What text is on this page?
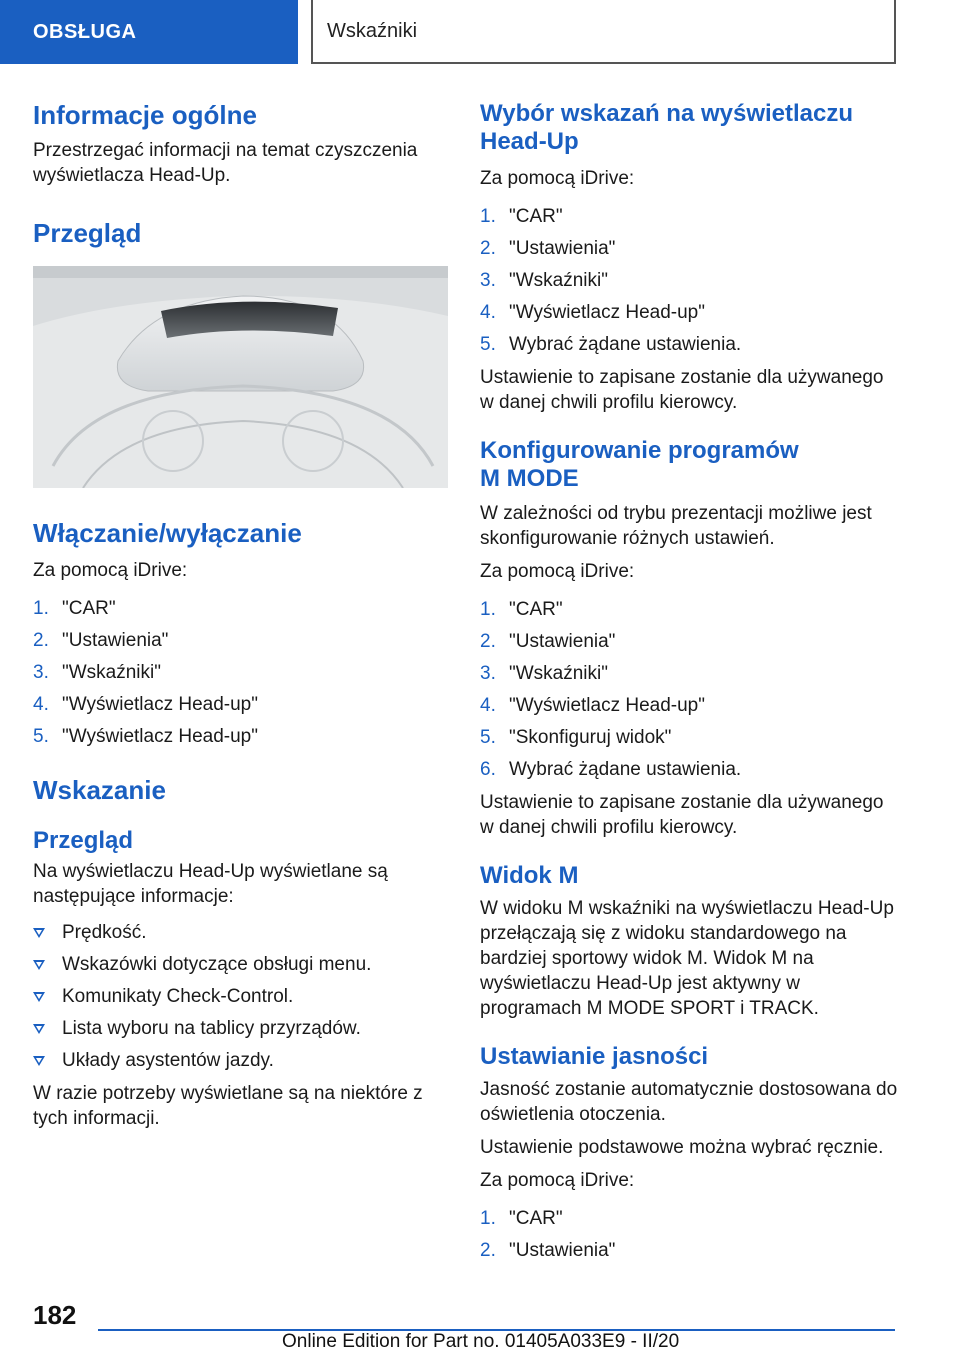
OBSŁUGA	Wskaźniki
Informacje ogólne

Przestrzegać informacji na temat czyszczenia wyświetlacza Head-Up.

Przegląd
Włączanie/wyłączanie

Za pomocą iDrive:

1. "CAR"
2. "Ustawienia"
3. "Wskaźniki"
4. "Wyświetlacz Head-up"
5. "Wyświetlacz Head-up"
Wskazanie
Przegląd

Na wyświetlaczu Head-Up wyświetlane są następujące informacje:

Prędkość.
Wskazówki dotyczące obsługi menu.
Komunikaty Check-Control.
Lista wyboru na tablicy przyrządów.
Układy asystentów jazdy.

W razie potrzeby wyświetlane są na niektóre z tych informacji.

Wybór wskazań na wyświetlaczu Head-Up

Za pomocą iDrive:

1. "CAR"
2. "Ustawienia"
3. "Wskaźniki"
4. "Wyświetlacz Head-up"
5. Wybrać żądane ustawienia.

Ustawienie to zapisane zostanie dla używanego w danej chwili profilu kierowcy.

Konfigurowanie programów M MODE

W zależności od trybu prezentacji możliwe jest skonfigurowanie różnych ustawień.

Za pomocą iDrive:

1. "CAR"
2. "Ustawienia"
3. "Wskaźniki"
4. "Wyświetlacz Head-up"
5. "Skonfiguruj widok"
6. Wybrać żądane ustawienia.

Ustawienie to zapisane zostanie dla używanego w danej chwili profilu kierowcy.

Widok M

W widoku M wskaźniki na wyświetlaczu Head-Up przełączają się z widoku standardowego na bardziej sportowy widok M. Widok M na wyświetlaczu Head-Up jest aktywny w programach M MODE SPORT i TRACK.

Ustawianie jasności

Jasność zostanie automatycznie dostosowana do oświetlenia otoczenia.

Ustawienie podstawowe można wybrać ręcznie.

Za pomocą iDrive:

1. "CAR"
2. "Ustawienia"
182
Online Edition for Part no. 01405A033E9 - II/20
